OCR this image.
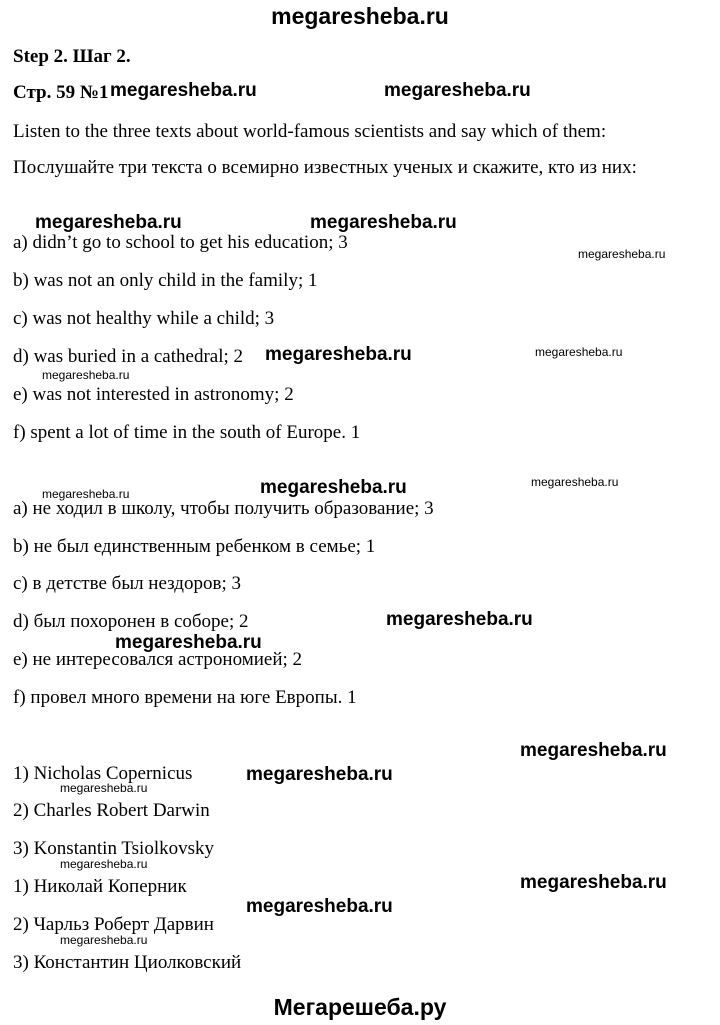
megaresheba.ru
Step 2. Шаг 2.
Стр. 59 №1
Listen to the three texts about world-famous scientists and say which of them:
Послушайте три текста о всемирно известных ученых и скажите, кто из них:
a) didn’t go to school to get his education; 3
b) was not an only child in the family; 1
c) was not healthy while a child; 3
d) was buried in a cathedral; 2
e) was not interested in astronomy; 2
f) spent a lot of time in the south of Europe. 1
а) не ходил в школу, чтобы получить образование; 3
b) не был единственным ребенком в семье; 1
c) в детстве был нездоров; 3
d) был похоронен в соборе; 2
e) не интересовался астрономией; 2
f) провел много времени на юге Европы. 1
1) Nicholas Copernicus
2) Charles Robert Darwin
3) Konstantin Tsiolkovsky
1) Николай Коперник
2) Чарльз Роберт Дарвин
3) Константин Циолковский
megaresheba.ru	megaresheba.ru
megaresheba.ru	megaresheba.ru
megaresheba.ru
megaresheba.ru
megaresheba.ru
megaresheba.ru
megaresheba.ru
megaresheba.ru
megaresheba.ru
megaresheba.ru
megaresheba.ru
megaresheba.ru
megaresheba.ru
megaresheba.ru
megaresheba.ru
megaresheba.ru
megaresheba.ru
megaresheba.ru
Мегарешеба.ру
